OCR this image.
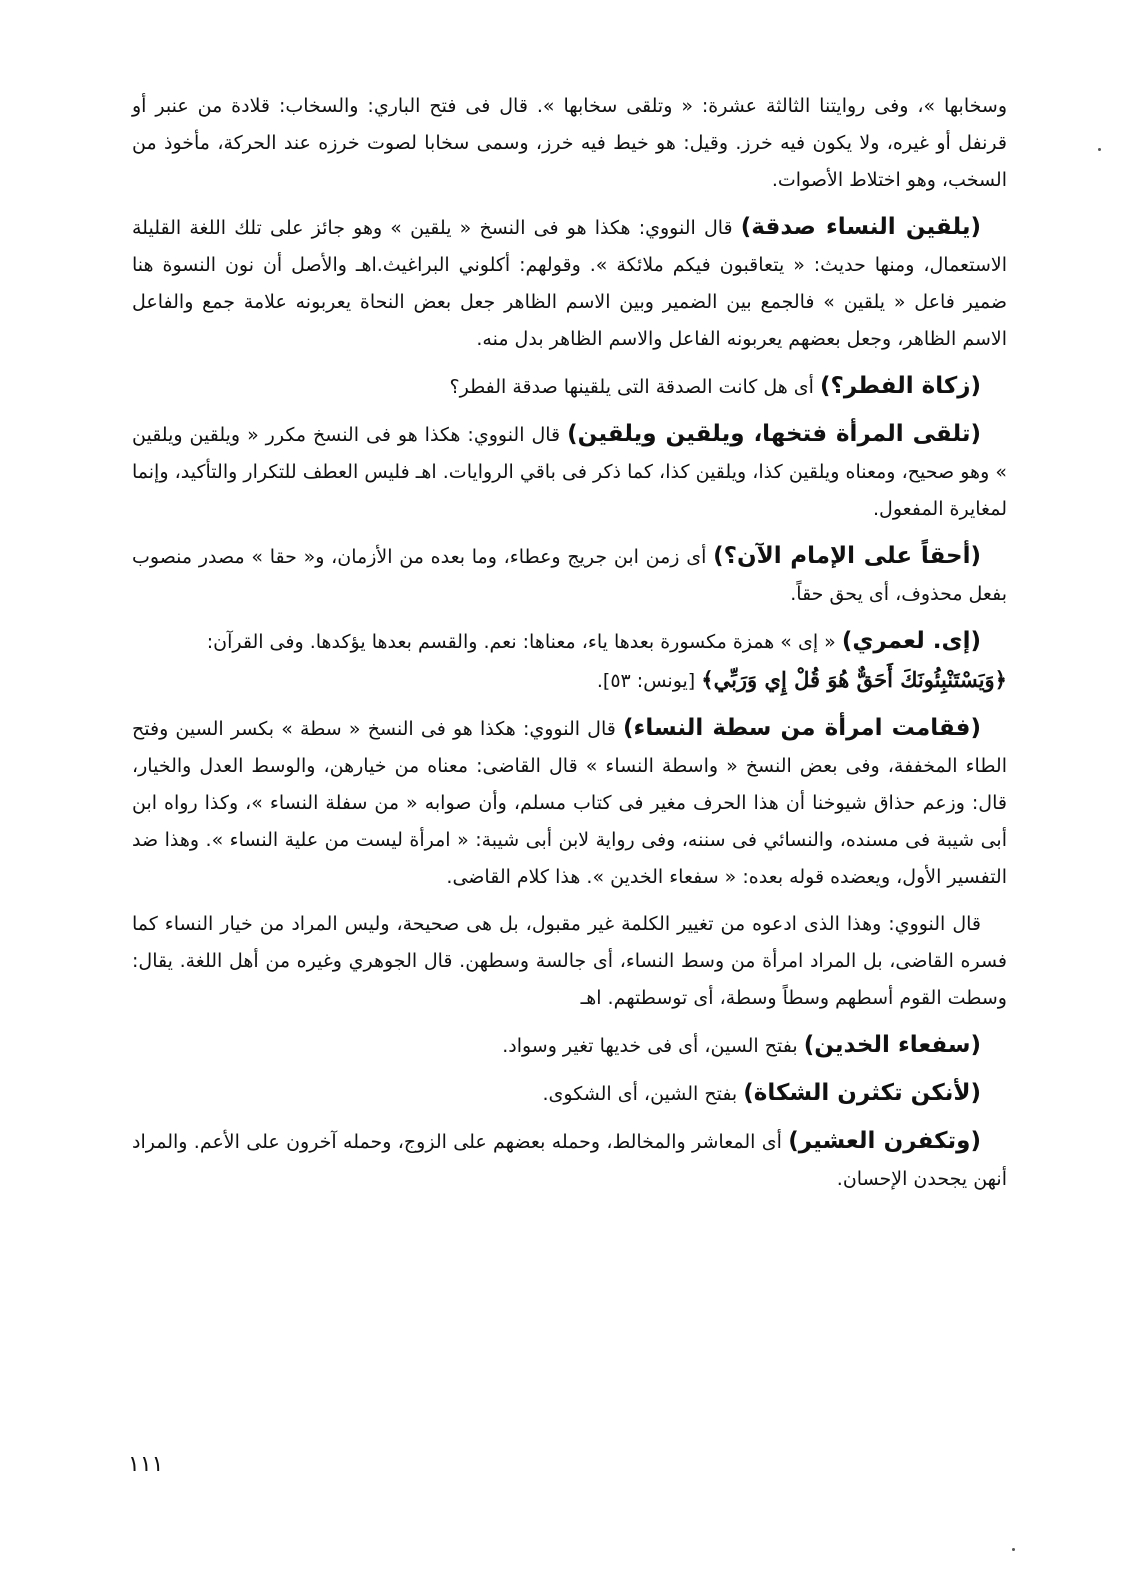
وسخابها »، وفى روايتنا الثالثة عشرة: « وتلقى سخابها ». قال فى فتح الباري: والسخاب: قلادة من عنبر أو قرنفل أو غيره، ولا يكون فيه خرز. وقيل: هو خيط فيه خرز، وسمى سخابا لصوت خرزه عند الحركة، مأخوذ من السخب، وهو اختلاط الأصوات.

(يلقين النساء صدقة) قال النووي: هكذا هو فى النسخ « يلقين » وهو جائز على تلك اللغة القليلة الاستعمال، ومنها حديث: « يتعاقبون فيكم ملائكة ». وقولهم: أكلوني البراغيث.اهـ والأصل أن نون النسوة هنا ضمير فاعل « يلقين » فالجمع بين الضمير وبين الاسم الظاهر جعل بعض النحاة يعربونه علامة جمع والفاعل الاسم الظاهر، وجعل بعضهم يعربونه الفاعل والاسم الظاهر بدل منه.

(زكاة الفطر؟) أى هل كانت الصدقة التى يلقينها صدقة الفطر؟

(تلقى المرأة فتخها، ويلقين ويلقين) قال النووي: هكذا هو فى النسخ مكرر « ويلقين ويلقين » وهو صحيح، ومعناه ويلقين كذا، ويلقين كذا، كما ذكر فى باقي الروايات. اهـ فليس العطف للتكرار والتأكيد، وإنما لمغايرة المفعول.

(أحقاً على الإمام الآن؟) أى زمن ابن جريج وعطاء، وما بعده من الأزمان، و« حقا » مصدر منصوب بفعل محذوف، أى يحق حقاً.

(إى. لعمري) « إى » همزة مكسورة بعدها ياء، معناها: نعم. والقسم بعدها يؤكدها. وفى القرآن:
﴿وَيَسْتَنْبِئُونَكَ أَحَقٌّ هُوَ قُلْ إِي وَرَبِّي﴾ [يونس: ٥٣].

(فقامت امرأة من سطة النساء) قال النووي: هكذا هو فى النسخ « سطة » بكسر السين وفتح الطاء المخففة، وفى بعض النسخ « واسطة النساء » قال القاضى: معناه من خيارهن، والوسط العدل والخيار، قال: وزعم حذاق شيوخنا أن هذا الحرف مغير فى كتاب مسلم، وأن صوابه « من سفلة النساء »، وكذا رواه ابن أبى شيبة فى مسنده، والنسائي فى سننه، وفى رواية لابن أبى شيبة: « امرأة ليست من علية النساء ». وهذا ضد التفسير الأول، ويعضده قوله بعده: « سفعاء الخدين ». هذا كلام القاضى.

قال النووي: وهذا الذى ادعوه من تغيير الكلمة غير مقبول، بل هى صحيحة، وليس المراد من خيار النساء كما فسره القاضى، بل المراد امرأة من وسط النساء، أى جالسة وسطهن. قال الجوهري وغيره من أهل اللغة. يقال: وسطت القوم أسطهم وسطاً وسطة، أى توسطتهم. اهـ

(سفعاء الخدين) بفتح السين، أى فى خديها تغير وسواد.

(لأنكن تكثرن الشكاة) بفتح الشين، أى الشكوى.

(وتكفرن العشير) أى المعاشر والمخالط، وحمله بعضهم على الزوج، وحمله آخرون على الأعم. والمراد أنهن يجحدن الإحسان.

١١١
